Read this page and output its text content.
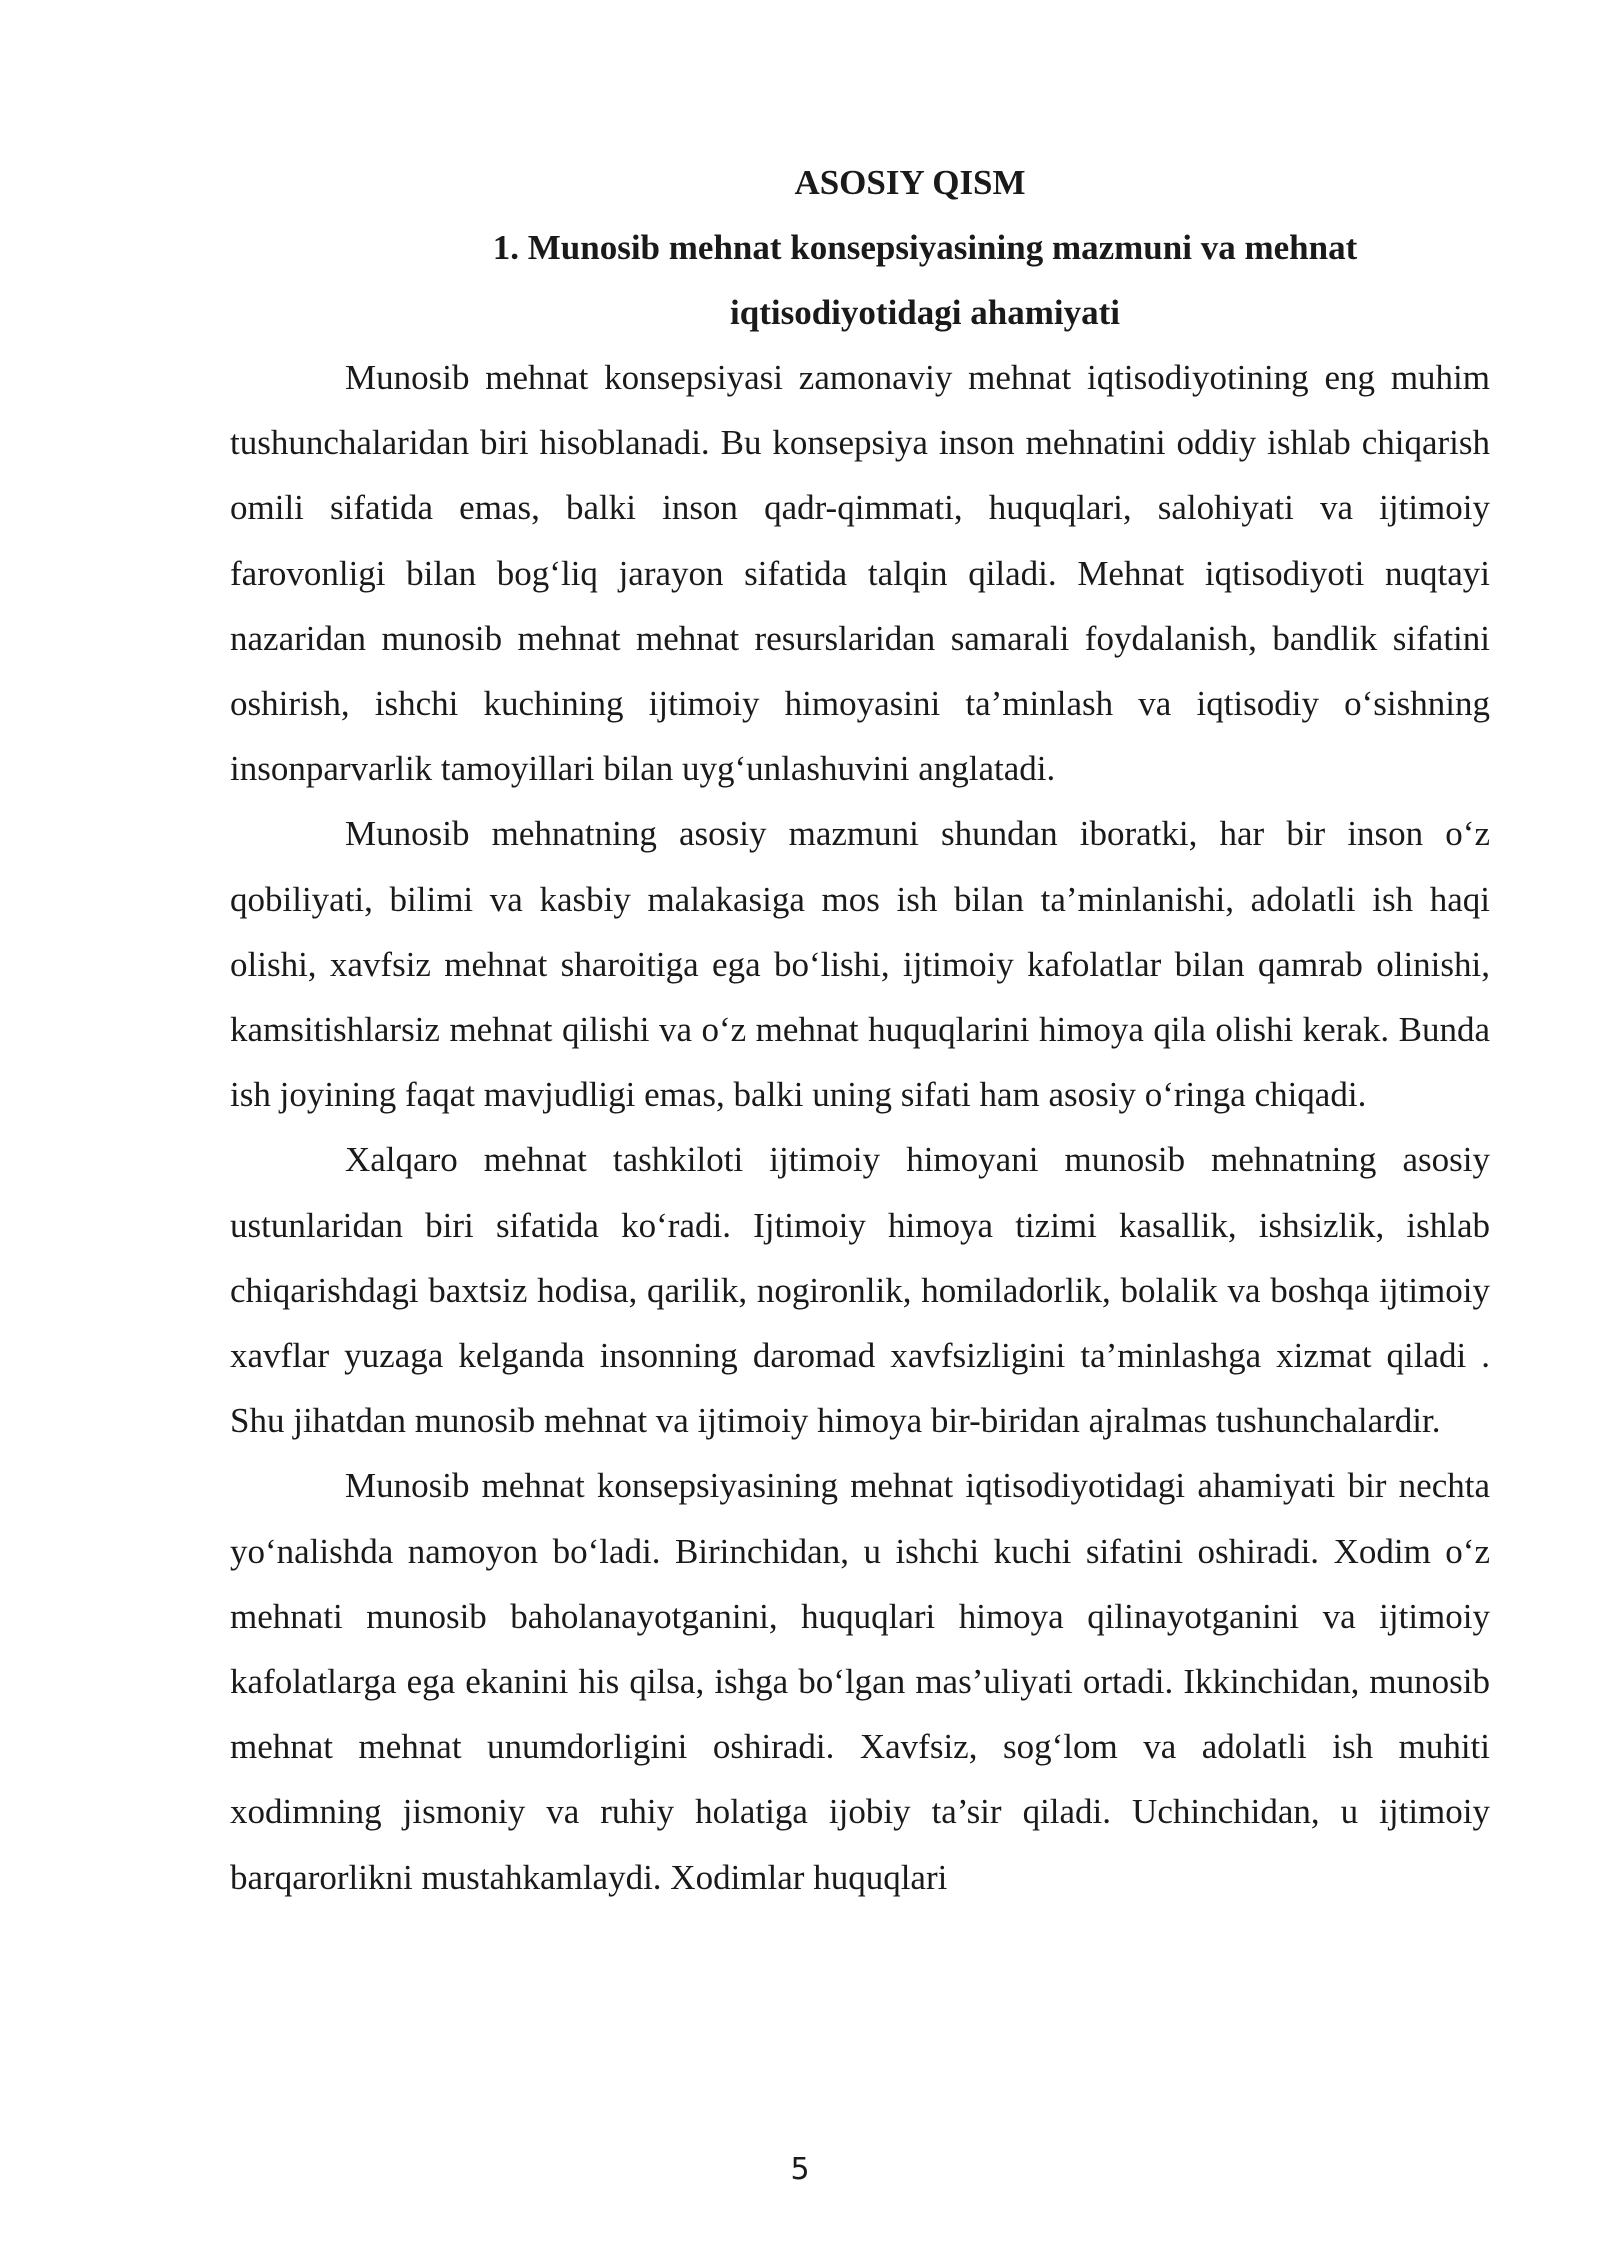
ASOSIY QISM

1. Munosib mehnat konsepsiyasining mazmuni va mehnat iqtisodiyotidagi ahamiyati

Munosib mehnat konsepsiyasi zamonaviy mehnat iqtisodiyotining eng muhim tushunchalaridan biri hisoblanadi. Bu konsepsiya inson mehnatini oddiy ishlab chiqarish omili sifatida emas, balki inson qadr-qimmati, huquqlari, salohiyati va ijtimoiy farovonligi bilan bog‘liq jarayon sifatida talqin qiladi. Mehnat iqtisodiyoti nuqtayi nazaridan munosib mehnat mehnat resurslaridan samarali foydalanish, bandlik sifatini oshirish, ishchi kuchining ijtimoiy himoyasini ta’minlash va iqtisodiy o‘sishning insonparvarlik tamoyillari bilan uyg‘unlashuvini anglatadi.

Munosib mehnatning asosiy mazmuni shundan iboratki, har bir inson o‘z qobiliyati, bilimi va kasbiy malakasiga mos ish bilan ta’minlanishi, adolatli ish haqi olishi, xavfsiz mehnat sharoitiga ega bo‘lishi, ijtimoiy kafolatlar bilan qamrab olinishi, kamsitishlarsiz mehnat qilishi va o‘z mehnat huquqlarini himoya qila olishi kerak. Bunda ish joyining faqat mavjudligi emas, balki uning sifati ham asosiy o‘ringa chiqadi.

Xalqaro mehnat tashkiloti ijtimoiy himoyani munosib mehnatning asosiy ustunlaridan biri sifatida ko‘radi. Ijtimoiy himoya tizimi kasallik, ishsizlik, ishlab chiqarishdagi baxtsiz hodisa, qarilik, nogironlik, homiladorlik, bolalik va boshqa ijtimoiy xavflar yuzaga kelganda insonning daromad xavfsizligini ta’minlashga xizmat qiladi . Shu jihatdan munosib mehnat va ijtimoiy himoya bir-biridan ajralmas tushunchalardir.

Munosib mehnat konsepsiyasining mehnat iqtisodiyotidagi ahamiyati bir nechta yo‘nalishda namoyon bo‘ladi. Birinchidan, u ishchi kuchi sifatini oshiradi. Xodim o‘z mehnati munosib baholanayotganini, huquqlari himoya qilinayotganini va ijtimoiy kafolatlarga ega ekanini his qilsa, ishga bo‘lgan mas’uliyati ortadi. Ikkinchidan, munosib mehnat mehnat unumdorligini oshiradi. Xavfsiz, sog‘lom va adolatli ish muhiti xodimning jismoniy va ruhiy holatiga ijobiy ta’sir qiladi. Uchinchidan, u ijtimoiy barqarorlikni mustahkamlaydi. Xodimlar huquqlari

5
